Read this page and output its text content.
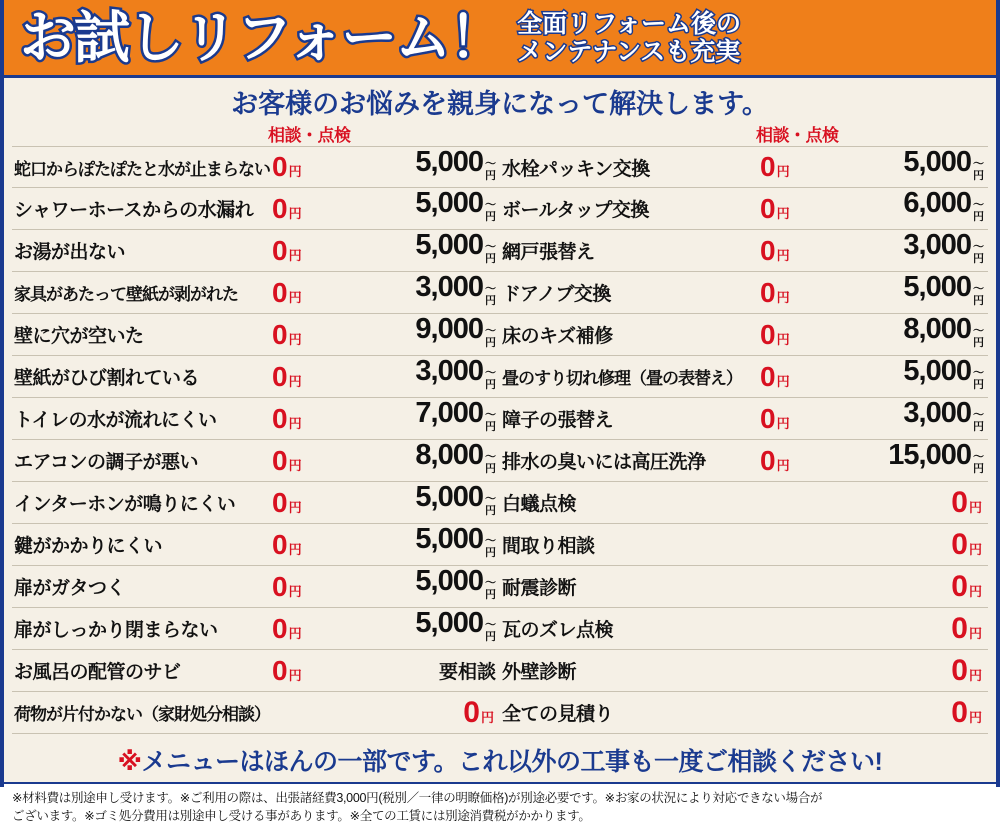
お試しリフォーム！ 全面リフォーム後の
メンテナンスも充実
お客様のお悩みを親身になって解決します。
相談・点検
蛇口からぽたぽたと水が止まらない 0 円	5,000 ～
円
シャワーホースからの水漏れ 0 円	5,000 ～
円
お湯が出ない	0 円	5,000 ～
円
家具があたって壁紙が剥がれた	0 円	3,000 ～
円
壁に穴が空いた	0 円	9,000 ～
円
壁紙がひび割れている	0 円	3,000 ～
円
トイレの水が流れにくい	0 円	7,000 ～
円
エアコンの調子が悪い	0 円	8,000 ～
円
インターホンが鳴りにくい	0 円	5,000 ～
円
鍵がかかりにくい	0 円	5,000 ～
円
扉がガタつく	0 円	5,000 ～
円
扉がしっかり閉まらない	0 円	5,000 ～
円
お風呂の配管のサビ	0 円	要相談
荷物が片付かない（家財処分相談）	0 円
相談・点検
水栓パッキン交換	0 円	5,000 ～
円
ボールタップ交換	0 円	6,000 ～
円
網戸張替え	0 円	3,000 ～
円
ドアノブ交換	0 円	5,000 ～
円
床のキズ補修	0 円	8,000 ～
円
畳のすり切れ修理（畳の表替え） 0 円	5,000 ～
円
障子の張替え	0 円	3,000 ～
円
排水の臭いには高圧洗浄	0 円	15,000 ～
円
白蟻点検	0 円
間取り相談	0 円
耐震診断	0 円
瓦のズレ点検	0 円
外壁診断	0 円
全ての見積り	0 円
※メニューはほんの一部です。これ以外の工事も一度ご相談ください!
※材料費は別途申し受けます。※ご利用の際は、出張諸経費3,000円(税別／一律の明瞭価格)が別途必要です。※お家の状況により対応できない場合が
ございます。※ゴミ処分費用は別途申し受ける事があります。※全ての工賃には別途消費税がかかります。
